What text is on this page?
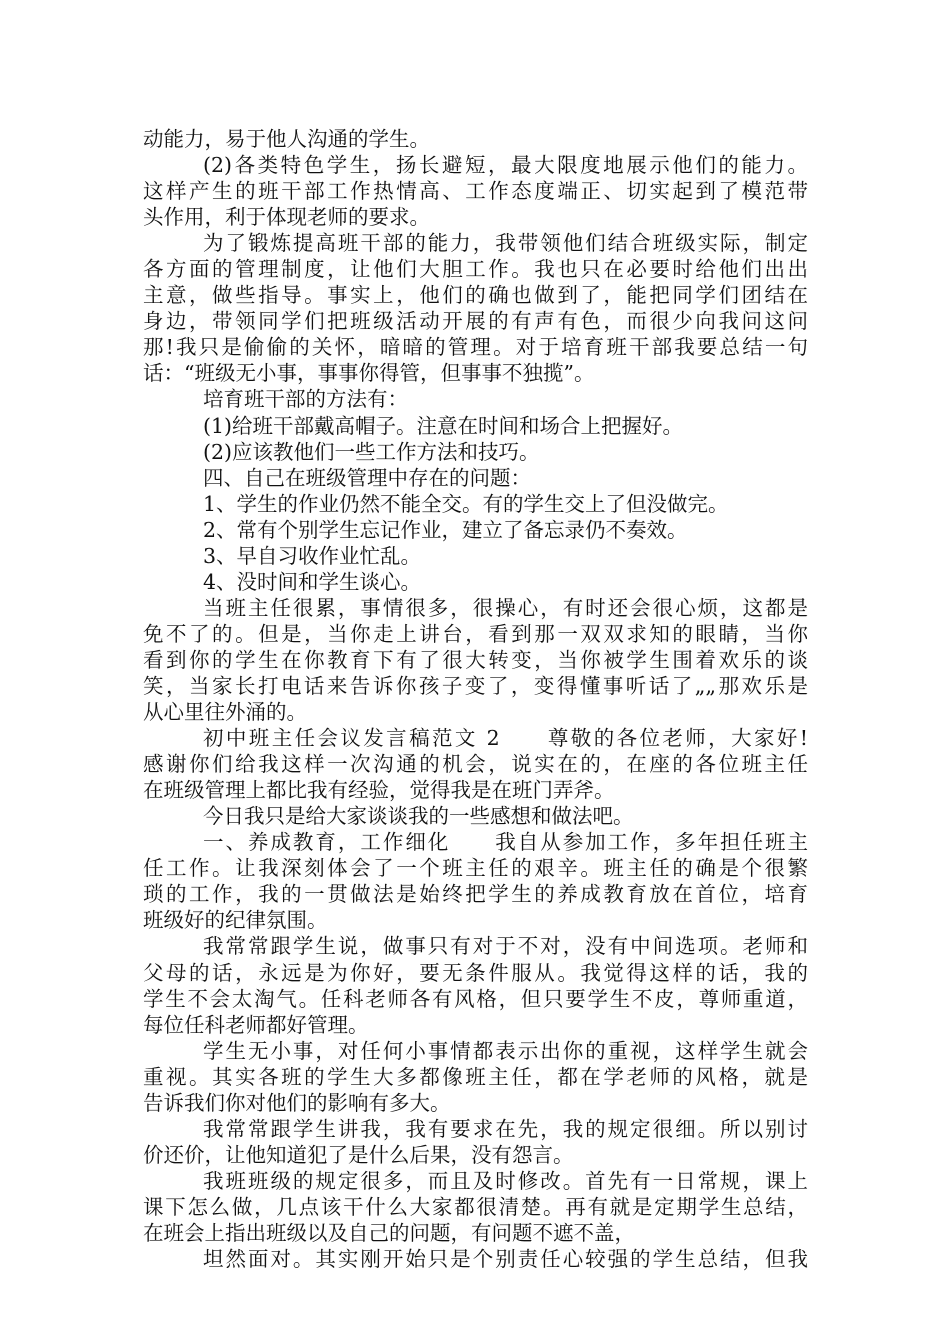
动能力，易于他人沟通的学生。
(2)各类特色学生，扬长避短，最大限度地展示他们的能力。
这样产生的班干部工作热情高、工作态度端正、切实起到了模范带
头作用，利于体现老师的要求。
为了锻炼提高班干部的能力，我带领他们结合班级实际，制定
各方面的管理制度，让他们大胆工作。我也只在必要时给他们出出
主意，做些指导。事实上，他们的确也做到了，能把同学们团结在
身边，带领同学们把班级活动开展的有声有色，而很少向我问这问
那!我只是偷偷的关怀，暗暗的管理。对于培育班干部我要总结一句
话：“班级无小事，事事你得管，但事事不独揽”。
培育班干部的方法有：
(1)给班干部戴高帽子。注意在时间和场合上把握好。
(2)应该教他们一些工作方法和技巧。
四、自己在班级管理中存在的问题：
1、学生的作业仍然不能全交。有的学生交上了但没做完。
2、常有个别学生忘记作业，建立了备忘录仍不奏效。
3、早自习收作业忙乱。
4、没时间和学生谈心。
当班主任很累，事情很多，很操心，有时还会很心烦，这都是
免不了的。但是，当你走上讲台，看到那一双双求知的眼睛，当你
看到你的学生在你教育下有了很大转变，当你被学生围着欢乐的谈
笑，当家长打电话来告诉你孩子变了，变得懂事听话了„„那欢乐是
从心里往外涌的。
初中班主任会议发言稿范文 2　　尊敬的各位老师，大家好!
感谢你们给我这样一次沟通的机会，说实在的，在座的各位班主任
在班级管理上都比我有经验，觉得我是在班门弄斧。
今日我只是给大家谈谈我的一些感想和做法吧。
一、养成教育，工作细化　　我自从参加工作，多年担任班主
任工作。让我深刻体会了一个班主任的艰辛。班主任的确是个很繁
琐的工作，我的一贯做法是始终把学生的养成教育放在首位，培育
班级好的纪律氛围。
我常常跟学生说，做事只有对于不对，没有中间选项。老师和
父母的话，永远是为你好，要无条件服从。我觉得这样的话，我的
学生不会太淘气。任科老师各有风格，但只要学生不皮，尊师重道，
每位任科老师都好管理。
学生无小事，对任何小事情都表示出你的重视，这样学生就会
重视。其实各班的学生大多都像班主任，都在学老师的风格，就是
告诉我们你对他们的影响有多大。
我常常跟学生讲我，我有要求在先，我的规定很细。所以别讨
价还价，让他知道犯了是什么后果，没有怨言。
我班班级的规定很多，而且及时修改。首先有一日常规，课上
课下怎么做，几点该干什么大家都很清楚。再有就是定期学生总结，
在班会上指出班级以及自己的问题，有问题不遮不盖，
坦然面对。其实刚开始只是个别责任心较强的学生总结，但我
